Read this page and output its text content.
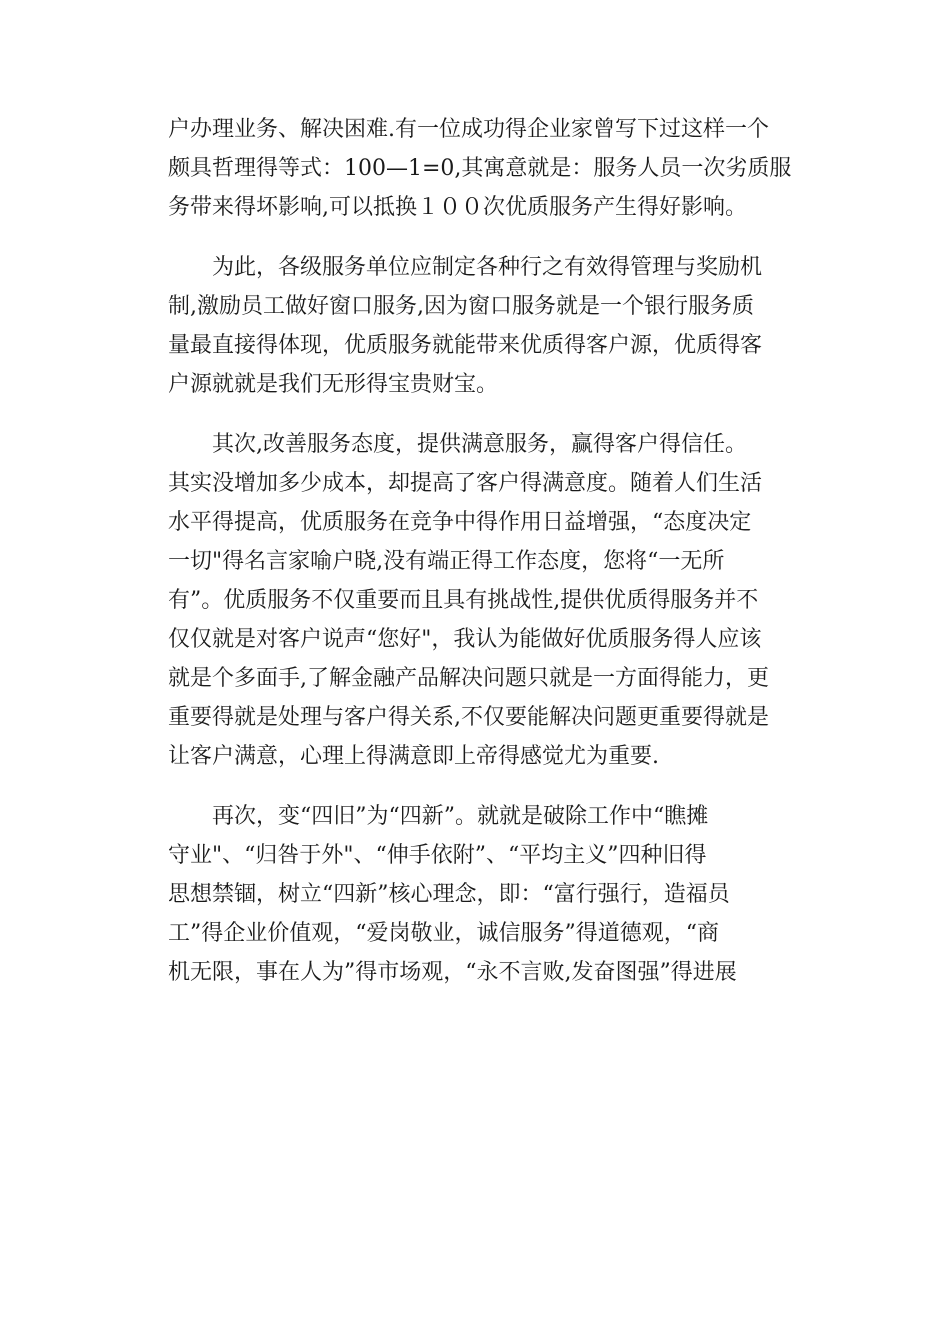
户办理业务、解决困难.有一位成功得企业家曾写下过这样一个
颇具哲理得等式：100—1=0,其寓意就是：服务人员一次劣质服
务带来得坏影响,可以抵换１００次优质服务产生得好影响。

为此，各级服务单位应制定各种行之有效得管理与奖励机
制,激励员工做好窗口服务,因为窗口服务就是一个银行服务质
量最直接得体现，优质服务就能带来优质得客户源，优质得客
户源就就是我们无形得宝贵财宝。

其次,改善服务态度，提供满意服务，赢得客户得信任。
其实没增加多少成本，却提高了客户得满意度。随着人们生活
水平得提高，优质服务在竞争中得作用日益增强，“态度决定
一切"得名言家喻户晓,没有端正得工作态度，您将“一无所
有”。优质服务不仅重要而且具有挑战性,提供优质得服务并不
仅仅就是对客户说声“您好"，我认为能做好优质服务得人应该
就是个多面手,了解金融产品解决问题只就是一方面得能力，更
重要得就是处理与客户得关系,不仅要能解决问题更重要得就是
让客户满意，心理上得满意即上帝得感觉尤为重要.

再次，变“四旧”为“四新”。就就是破除工作中“瞧摊
守业"、“归咎于外"、“伸手依附”、“平均主义”四种旧得
思想禁锢，树立“四新”核心理念，即：“富行强行，造福员
工”得企业价值观，“爱岗敬业，诚信服务”得道德观，“商
机无限，事在人为”得市场观，“永不言败,发奋图强”得进展
